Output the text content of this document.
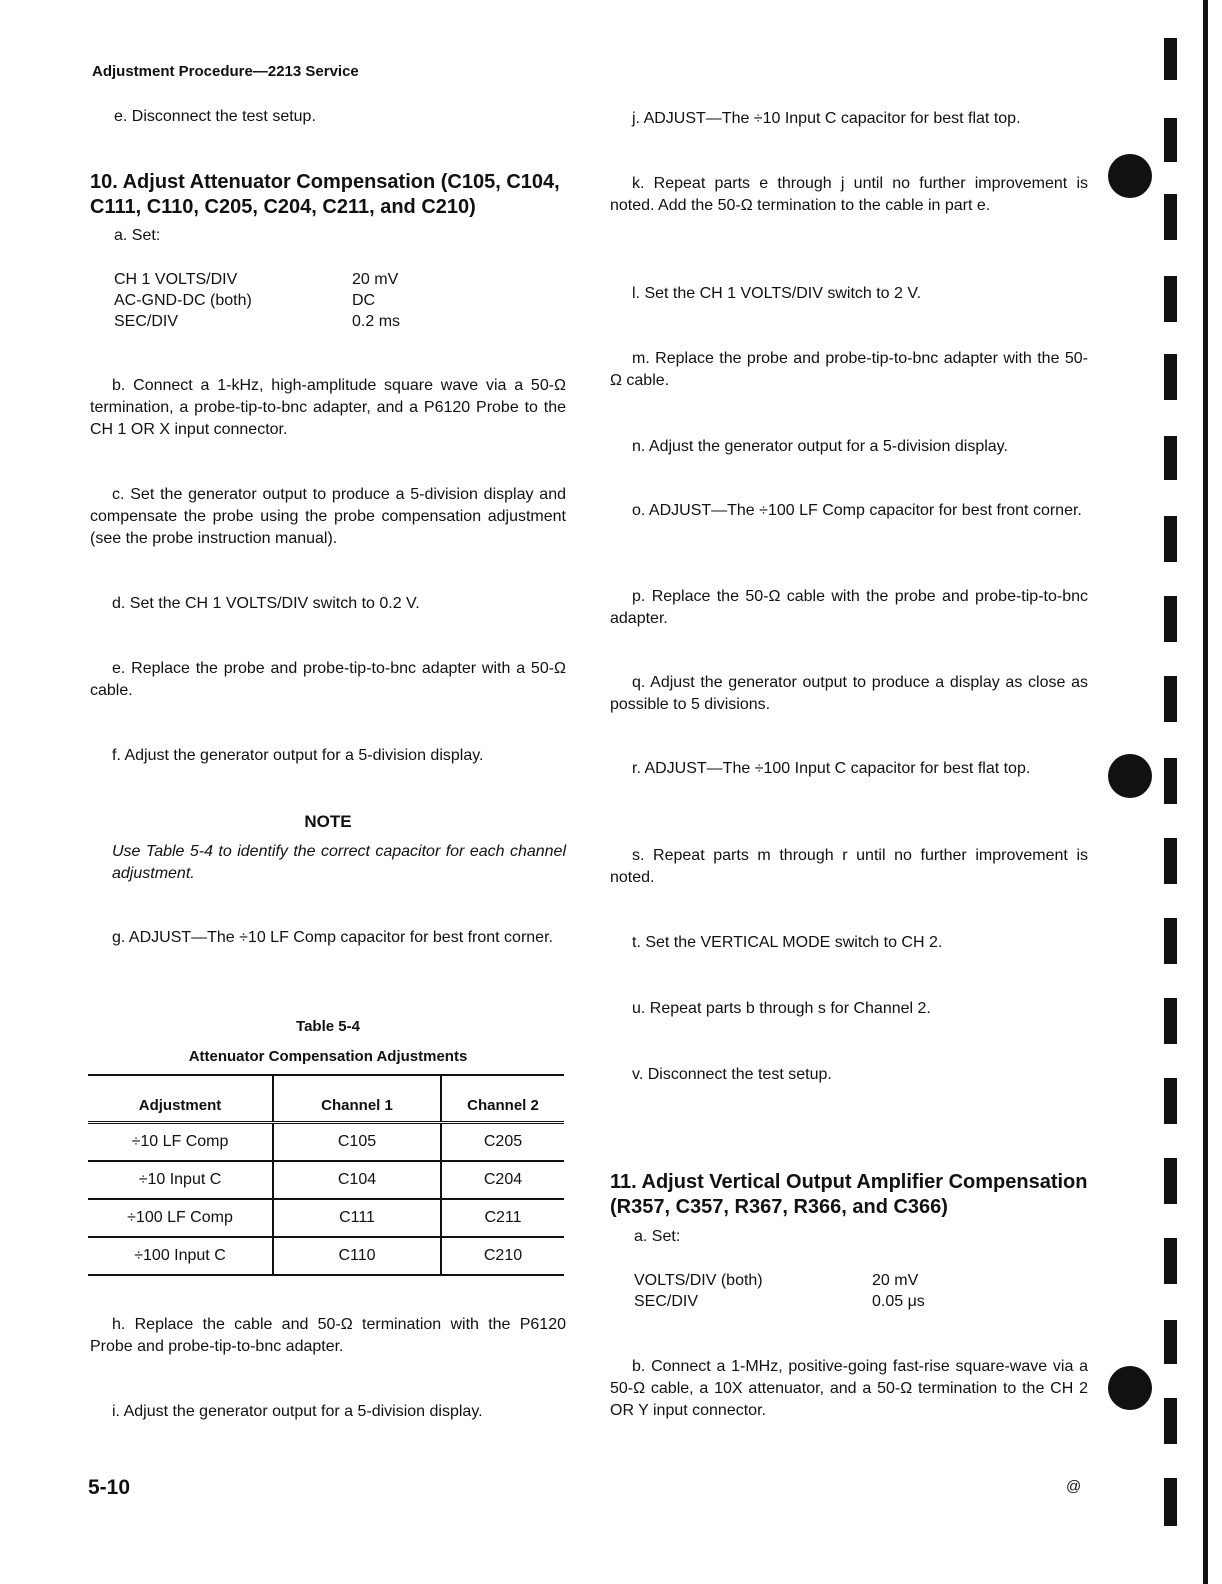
Adjustment Procedure—2213 Service

e. Disconnect the test setup.

10. Adjust Attenuator Compensation (C105, C104, C111, C110, C205, C204, C211, and C210)

a. Set:

CH 1 VOLTS/DIV	20 mV
AC-GND-DC (both)	DC
SEC/DIV	0.2 ms

b. Connect a 1-kHz, high-amplitude square wave via a 50-Ω termination, a probe-tip-to-bnc adapter, and a P6120 Probe to the CH 1 OR X input connector.

c. Set the generator output to produce a 5-division display and compensate the probe using the probe compensation adjustment (see the probe instruction manual).

d. Set the CH 1 VOLTS/DIV switch to 0.2 V.

e. Replace the probe and probe-tip-to-bnc adapter with a 50-Ω cable.

f. Adjust the generator output for a 5-division display.

NOTE

Use Table 5-4 to identify the correct capacitor for each channel adjustment.

g. ADJUST—The ÷10 LF Comp capacitor for best front corner.

Table 5-4
Attenuator Compensation Adjustments
Adjustment	Channel 1	Channel 2
÷10 LF Comp	C105	C205
÷10 Input C	C104	C204
÷100 LF Comp	C111	C211
÷100 Input C	C110	C210

h. Replace the cable and 50-Ω termination with the P6120 Probe and probe-tip-to-bnc adapter.

i. Adjust the generator output for a 5-division display.

j. ADJUST—The ÷10 Input C capacitor for best flat top.

k. Repeat parts e through j until no further improvement is noted. Add the 50-Ω termination to the cable in part e.

l. Set the CH 1 VOLTS/DIV switch to 2 V.

m. Replace the probe and probe-tip-to-bnc adapter with the 50-Ω cable.

n. Adjust the generator output for a 5-division display.

o. ADJUST—The ÷100 LF Comp capacitor for best front corner.

p. Replace the 50-Ω cable with the probe and probe-tip-to-bnc adapter.

q. Adjust the generator output to produce a display as close as possible to 5 divisions.

r. ADJUST—The ÷100 Input C capacitor for best flat top.

s. Repeat parts m through r until no further improvement is noted.

t. Set the VERTICAL MODE switch to CH 2.

u. Repeat parts b through s for Channel 2.

v. Disconnect the test setup.

11. Adjust Vertical Output Amplifier Compensation (R357, C357, R367, R366, and C366)

a. Set:

VOLTS/DIV (both)	20 mV
SEC/DIV	0.05 μs

b. Connect a 1-MHz, positive-going fast-rise square-wave via a 50-Ω cable, a 10X attenuator, and a 50-Ω termination to the CH 2 OR Y input connector.

5-10	@
